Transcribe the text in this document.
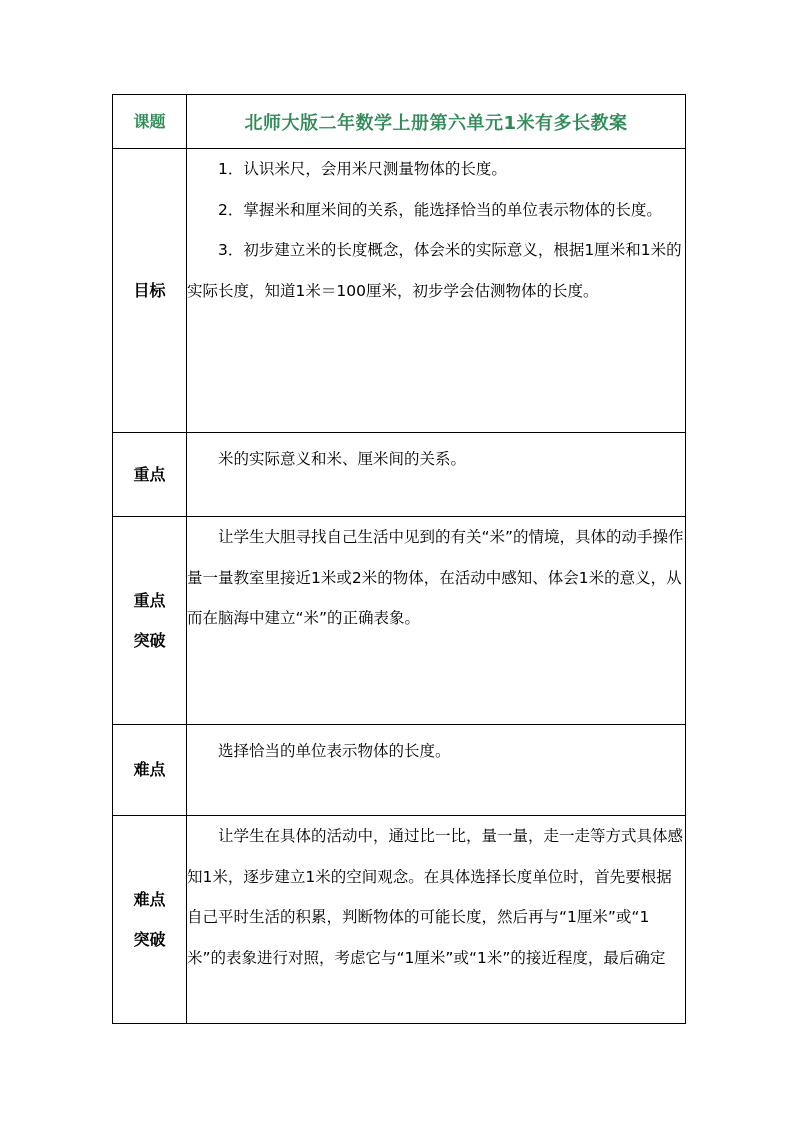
课题	北师大版二年数学上册第六单元1米有多长教案

目标	1．认识米尺，会用米尺测量物体的长度。

2．掌握米和厘米间的关系，能选择恰当的单位表示物体的长度。

3．初步建立米的长度概念，体会米的实际意义，根据1厘米和1米的实际长度，知道1米＝100厘米，初步学会估测物体的长度。

重点	米的实际意义和米、厘米间的关系。

重点
突破	让学生大胆寻找自己生活中见到的有关“米”的情境，具体的动手操作量一量教室里接近1米或2米的物体，在活动中感知、体会1米的意义，从而在脑海中建立“米”的正确表象。

难点	选择恰当的单位表示物体的长度。

难点
突破	让学生在具体的活动中，通过比一比，量一量，走一走等方式具体感知1米，逐步建立1米的空间观念。在具体选择长度单位时，首先要根据自己平时生活的积累，判断物体的可能长度，然后再与“1厘米”或“1米”的表象进行对照，考虑它与“1厘米”或“1米”的接近程度，最后确定
